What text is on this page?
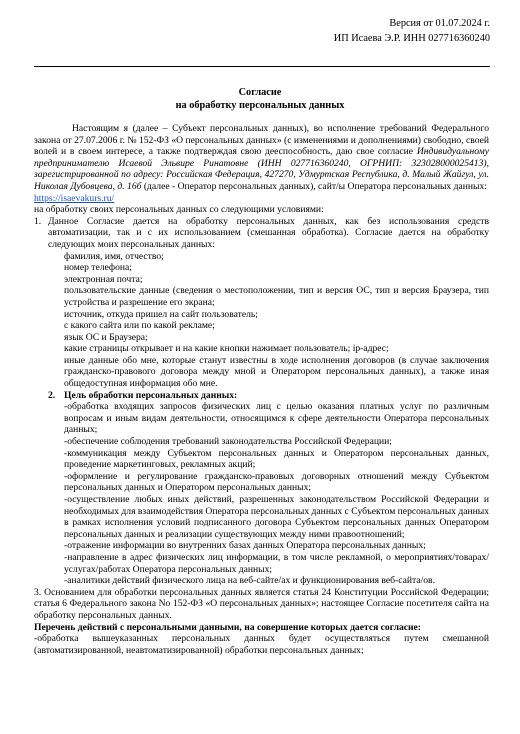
Версия от 01.07.2024 г.
ИП Исаева Э.Р. ИНН 027716360240
Согласие
на обработку персональных данных

Настоящим я (далее – Субъект персональных данных), во исполнение требований Федерального закона от 27.07.2006 г. № 152-ФЗ «О персональных данных» (с изменениями и дополнениями) свободно, своей волей и в своем интересе, а также подтверждая свою дееспособность, даю свое согласие Индивидуальному предпринимателю Исаевой Эльвире Ринатовне (ИНН 027716360240, ОГРНИП: 323028000025413), зарегистрированной по адресу: Российская Федерация, 427270, Удмуртская Республика, д. Малый Жайгул, ул. Николая Дубовцева, д. 16б (далее - Оператор персональных данных), сайт/ы Оператора персональных данных:

https://isaevakurs.ru/

на обработку своих персональных данных со следующими условиями:

1. Данное Согласие дается на обработку персональных данных, как без использования средств автоматизации, так и с их использованием (смешанная обработка). Согласие дается на обработку следующих моих персональных данных:

фамилия, имя, отчество;

номер телефона;

электронная почта;

пользовательские данные (сведения о местоположении, тип и версия ОС, тип и версия Браузера, тип устройства и разрешение его экрана;

источник, откуда пришел на сайт пользователь;

с какого сайта или по какой рекламе;

язык ОС и Браузера;

какие страницы открывает и на какие кнопки нажимает пользователь; ip-адрес;

иные данные обо мне, которые станут известны в ходе исполнения договоров (в случае заключения гражданско-правового договора между мной и Оператором персональных данных), а также иная общедоступная информация обо мне.

2. Цель обработки персональных данных:

-обработка входящих запросов физических лиц с целью оказания платных услуг по различным вопросам и иным видам деятельности, относящимся к сфере деятельности Оператора персональных данных;

-обеспечение соблюдения требований законодательства Российской Федерации;

-коммуникация между Субъектом персональных данных и Оператором персональных данных, проведение маркетинговых, рекламных акций;

-оформление и регулирование гражданско-правовых договорных отношений между Субъектом персональных данных и Оператором персональных данных;

-осуществление любых иных действий, разрешенных законодательством Российской Федерации и необходимых для взаимодействия Оператора персональных данных с Субъектом персональных данных в рамках исполнения условий подписанного договора Субъектом персональных данных Оператором персональных данных и реализации существующих между ними правоотношений;

-отражение информации во внутренних базах данных Оператора персональных данных;

-направление в адрес физических лиц информации, в том числе рекламной, о мероприятиях/товарах/услугах/работах Оператора персональных данных;

-аналитики действий физического лица на веб-сайте/ах и функционирования веб-сайта/ов.

3. Основанием для обработки персональных данных является статья 24 Конституции Российской Федерации; статья 6 Федерального закона No 152-ФЗ «О персональных данных»; настоящее Согласие посетителя сайта на обработку персональных данных.

Перечень действий с персональными данными, на совершение которых дается согласие:

-обработка вышеуказанных персональных данных будет осуществляться путем смешанной (автоматизированной, неавтоматизированной) обработки персональных данных;
